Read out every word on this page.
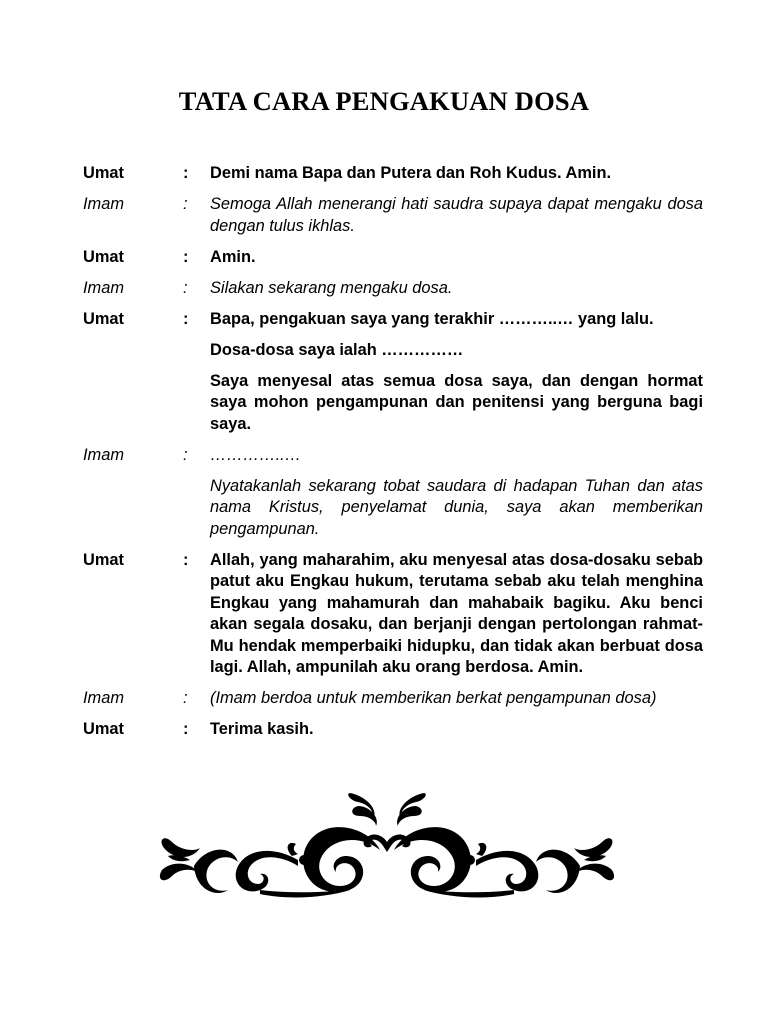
TATA CARA PENGAKUAN DOSA
Umat	:	Demi nama Bapa dan Putera dan Roh Kudus. Amin.
Imam	:	Semoga Allah menerangi hati saudra supaya dapat mengaku dosa dengan tulus ikhlas.
Umat	:	Amin.
Imam	:	Silakan sekarang mengaku dosa.
Umat	:	Bapa, pengakuan saya yang terakhir ………..… yang lalu.
Dosa-dosa saya ialah ……………
Saya menyesal atas semua dosa saya, dan dengan hormat saya mohon pengampunan dan penitensi yang berguna bagi saya.
Imam	:	…………..…
Nyatakanlah sekarang tobat saudara di hadapan Tuhan dan atas nama Kristus, penyelamat dunia, saya akan memberikan pengampunan.
Umat	:	Allah, yang maharahim, aku menyesal atas dosa-dosaku sebab patut aku Engkau hukum, terutama sebab aku telah menghina Engkau yang mahamurah dan mahabaik bagiku. Aku benci akan segala dosaku, dan berjanji dengan pertolongan rahmat-Mu hendak memperbaiki hidupku, dan tidak akan berbuat dosa lagi. Allah, ampunilah aku orang berdosa. Amin.
Imam	:	(Imam berdoa untuk memberikan berkat pengampunan dosa)
Umat	:	Terima kasih.
